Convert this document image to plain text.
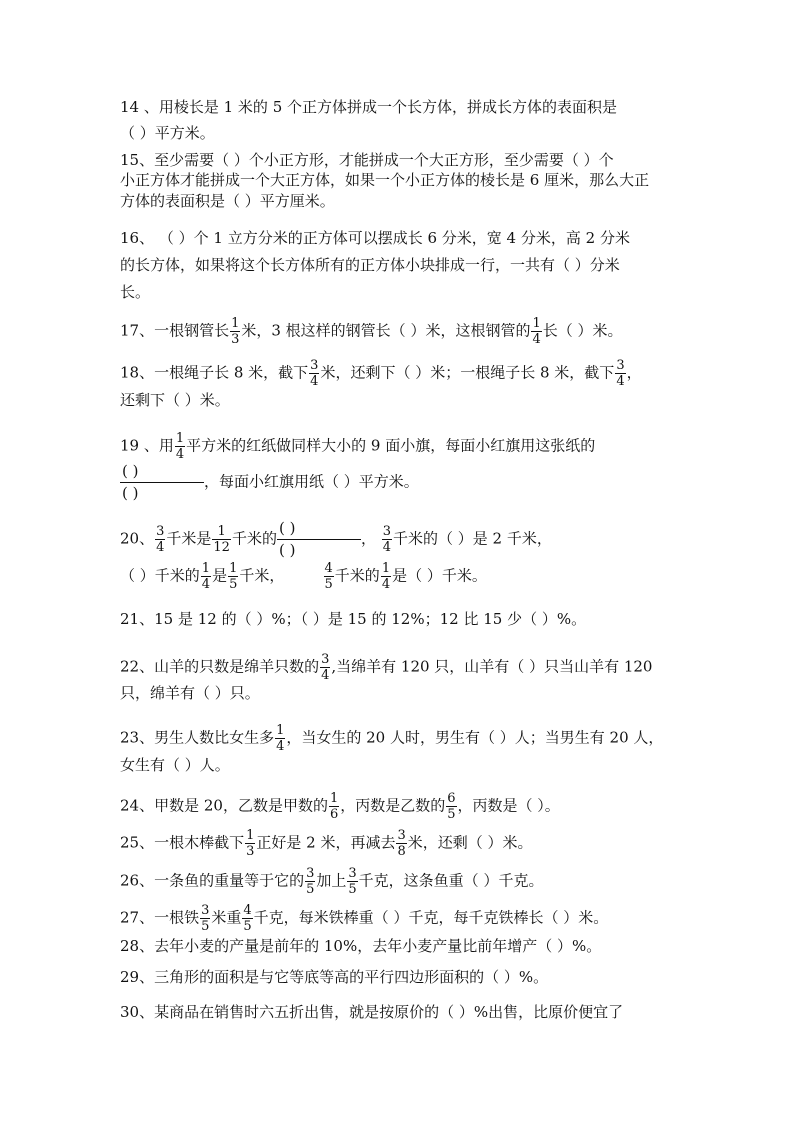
14 、用棱长是 1 米的 5 个正方体拼成一个长方体，拼成长方体的表面积是
（ ）平方米。
15、至少需要（ ）个小正方形，才能拼成一个大正方形，至少需要（ ）个
小正方体才能拼成一个大正方体，如果一个小正方体的棱长是 6 厘米，那么大正
方体的表面积是（ ）平方厘米。
16、 （ ）个 1 立方分米的正方体可以摆成长 6 分米，宽 4 分米，高 2 分米
的长方体，如果将这个长方体所有的正方体小块排成一行，一共有（ ）分米
长。
17、一根钢管长 $\frac{1}{3}$ 米，3 根这样的钢管长（ ）米，这根钢管的 $\frac{1}{4}$ 长（ ）米。
18、一根绳子长 8 米，截下 $\frac{3}{4}$ 米，还剩下（ ）米；一根绳子长 8 米，截下 $\frac{3}{4}$ ，
还剩下（ ）米。
19 、用 $\frac{1}{4}$ 平方米的红纸做同样大小的 9 面小旗，每面小红旗用这张纸的
$\frac{( )}{( )}$ ，每面小红旗用纸（ ）平方米。
20、 $\frac{3}{4}$ 千米是 $\frac{1}{12}$ 千米的 $\frac{( )}{( )}$ ， $\frac{3}{4}$ 千米的（ ）是 2 千米，
（ ）千米的 $\frac{1}{4}$ 是 $\frac{1}{5}$ 千米， $\frac{4}{5}$ 千米的 $\frac{1}{4}$ 是（ ）千米。
21、15 是 12 的（ ）%；（ ）是 15 的 12%；12 比 15 少（ ）%。
22、山羊的只数是绵羊只数的 $\frac{3}{4}$ ,当绵羊有 120 只，山羊有（ ）只当山羊有 120
只，绵羊有（ ）只。
23、男生人数比女生多 $\frac{1}{4}$ ，当女生的 20 人时，男生有（ ）人；当男生有 20 人，
女生有（ ）人。
24、甲数是 20，乙数是甲数的 $\frac{1}{6}$ ，丙数是乙数的 $\frac{6}{5}$ ，丙数是（ ）。
25、一根木棒截下 $\frac{1}{3}$ 正好是 2 米，再减去 $\frac{3}{8}$ 米，还剩（ ）米。
26、一条鱼的重量等于它的 $\frac{3}{5}$ 加上 $\frac{3}{5}$ 千克，这条鱼重（ ）千克。
27、一根铁 $\frac{3}{5}$ 米重 $\frac{4}{5}$ 千克，每米铁棒重（ ）千克，每千克铁棒长（ ）米。
28、去年小麦的产量是前年的 10%，去年小麦产量比前年增产（ ）%。
29、三角形的面积是与它等底等高的平行四边形面积的（ ）%。
30、某商品在销售时六五折出售，就是按原价的（ ）%出售，比原价便宜了
